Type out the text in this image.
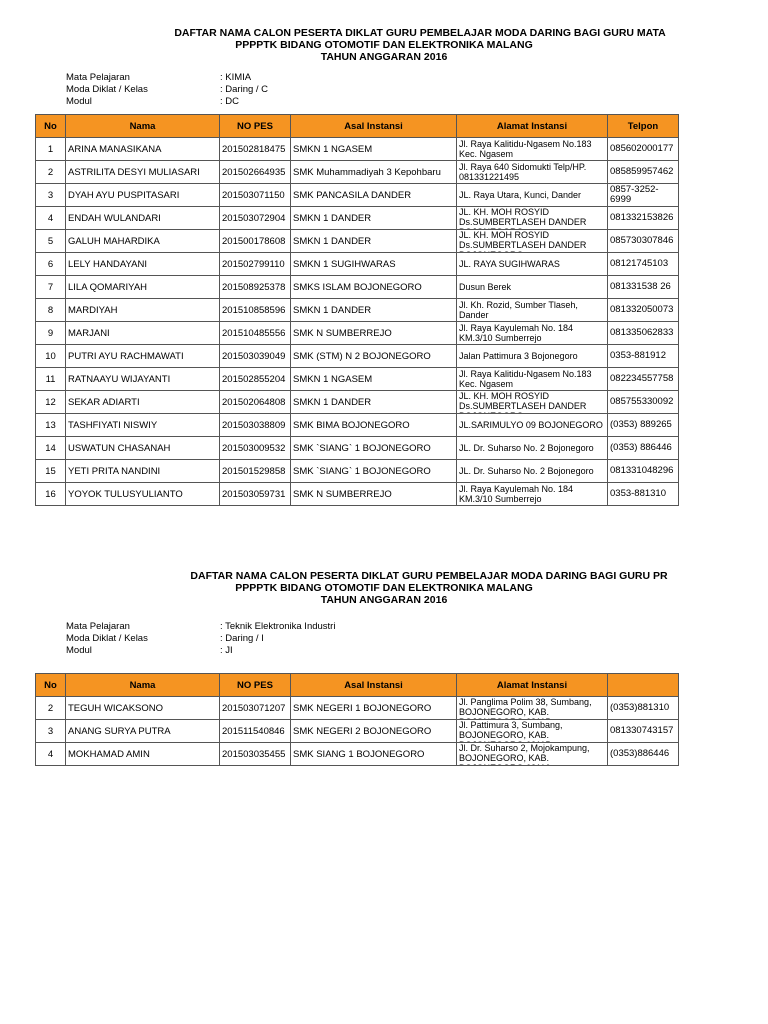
DAFTAR NAMA CALON PESERTA DIKLAT GURU PEMBELAJAR MODA DARING BAGI GURU MATA
PPPPTK BIDANG OTOMOTIF DAN ELEKTRONIKA MALANG
TAHUN ANGGARAN 2016
Mata Pelajaran	: KIMIA
Moda Diklat / Kelas	: Daring / C
Modul	: DC
No	Nama	NO PES	Asal Instansi	Alamat Instansi	Telpon
1	ARINA MANASIKANA	201502818475	SMKN 1 NGASEM	Jl. Raya Kalitidu-Ngasem No.183 Kec. Ngasem	085602000177

2	ASTRILITA DESYI MULIASARI	201502664935	SMK Muhammadiyah 3 Kepohbaru	Jl. Raya 640 Sidomukti Telp/HP. 081331221495	085859957462

3	DYAH AYU PUSPITASARI	201503071150	SMK PANCASILA DANDER	JL. Raya Utara, Kunci, Dander	0857-3252-6999

4	ENDAH WULANDARI	201503072904	SMKN 1 DANDER	JL. KH. MOH ROSYID Ds.SUMBERTLASEH DANDER	081332153826

5	GALUH MAHARDIKA	201500178608	SMKN 1 DANDER	JL. KH. MOH ROSYID Ds.SUMBERTLASEH DANDER	085730307846

6	LELY HANDAYANI	201502799110	SMKN 1 SUGIHWARAS	JL. RAYA SUGIHWARAS	08121745103

7	LILA QOMARIYAH	201508925378	SMKS ISLAM BOJONEGORO	Dusun Berek	081331538 26

8	MARDIYAH	201510858596	SMKN 1 DANDER	Jl. Kh. Rozid, Sumber Tlaseh, Dander	081332050073

9	MARJANI	201510485556	SMK N SUMBERREJO	Jl. Raya Kayulemah No. 184 KM.3/10 Sumberrejo	081335062833

10	PUTRI AYU RACHMAWATI	201503039049	SMK (STM) N 2 BOJONEGORO	Jalan Pattimura 3 Bojonegoro	0353-881912

11	RATNAAYU WIJAYANTI	201502855204	SMKN 1 NGASEM	Jl. Raya Kalitidu-Ngasem No.183 Kec. Ngasem	082234557758

12	SEKAR ADIARTI	201502064808	SMKN 1 DANDER	JL. KH. MOH ROSYID Ds.SUMBERTLASEH DANDER	085755330092

13	TASHFIYATI NISWIY	201503038809	SMK BIMA BOJONEGORO	JL.SARIMULYO 09 BOJONEGORO	(0353) 889265

14	USWATUN CHASANAH	201503009532	SMK `SIANG` 1 BOJONEGORO	JL. Dr. Suharso No. 2 Bojonegoro	(0353) 886446

15	YETI PRITA NANDINI	201501529858	SMK `SIANG` 1 BOJONEGORO	JL. Dr. Suharso No. 2 Bojonegoro	081331048296

16	YOYOK TULUSYULIANTO	201503059731	SMK N SUMBERREJO	Jl. Raya Kayulemah No. 184 KM.3/10 Sumberrejo	0353-881310
DAFTAR NAMA CALON PESERTA DIKLAT GURU PEMBELAJAR MODA DARING BAGI GURU PR
PPPPTK BIDANG OTOMOTIF DAN ELEKTRONIKA MALANG
TAHUN ANGGARAN 2016
Mata Pelajaran	: Teknik Elektronika Industri
Moda Diklat / Kelas	: Daring / I
Modul	: JI
No	Nama	NO PES	Asal Instansi	Alamat Instansi	
2	TEGUH WICAKSONO	201503071207	SMK NEGERI 1 BOJONEGORO	Jl. Panglima Polim 38, Sumbang, BOJONEGORO, KAB.	(0353)881310

3	ANANG SURYA PUTRA	201511540846	SMK NEGERI 2 BOJONEGORO	Jl. Pattimura 3, Sumbang, BOJONEGORO, KAB.	081330743157

4	MOKHAMAD AMIN	201503035455	SMK SIANG 1 BOJONEGORO	Jl. Dr. Suharso 2, Mojokampung, BOJONEGORO, KAB.	(0353)886446
